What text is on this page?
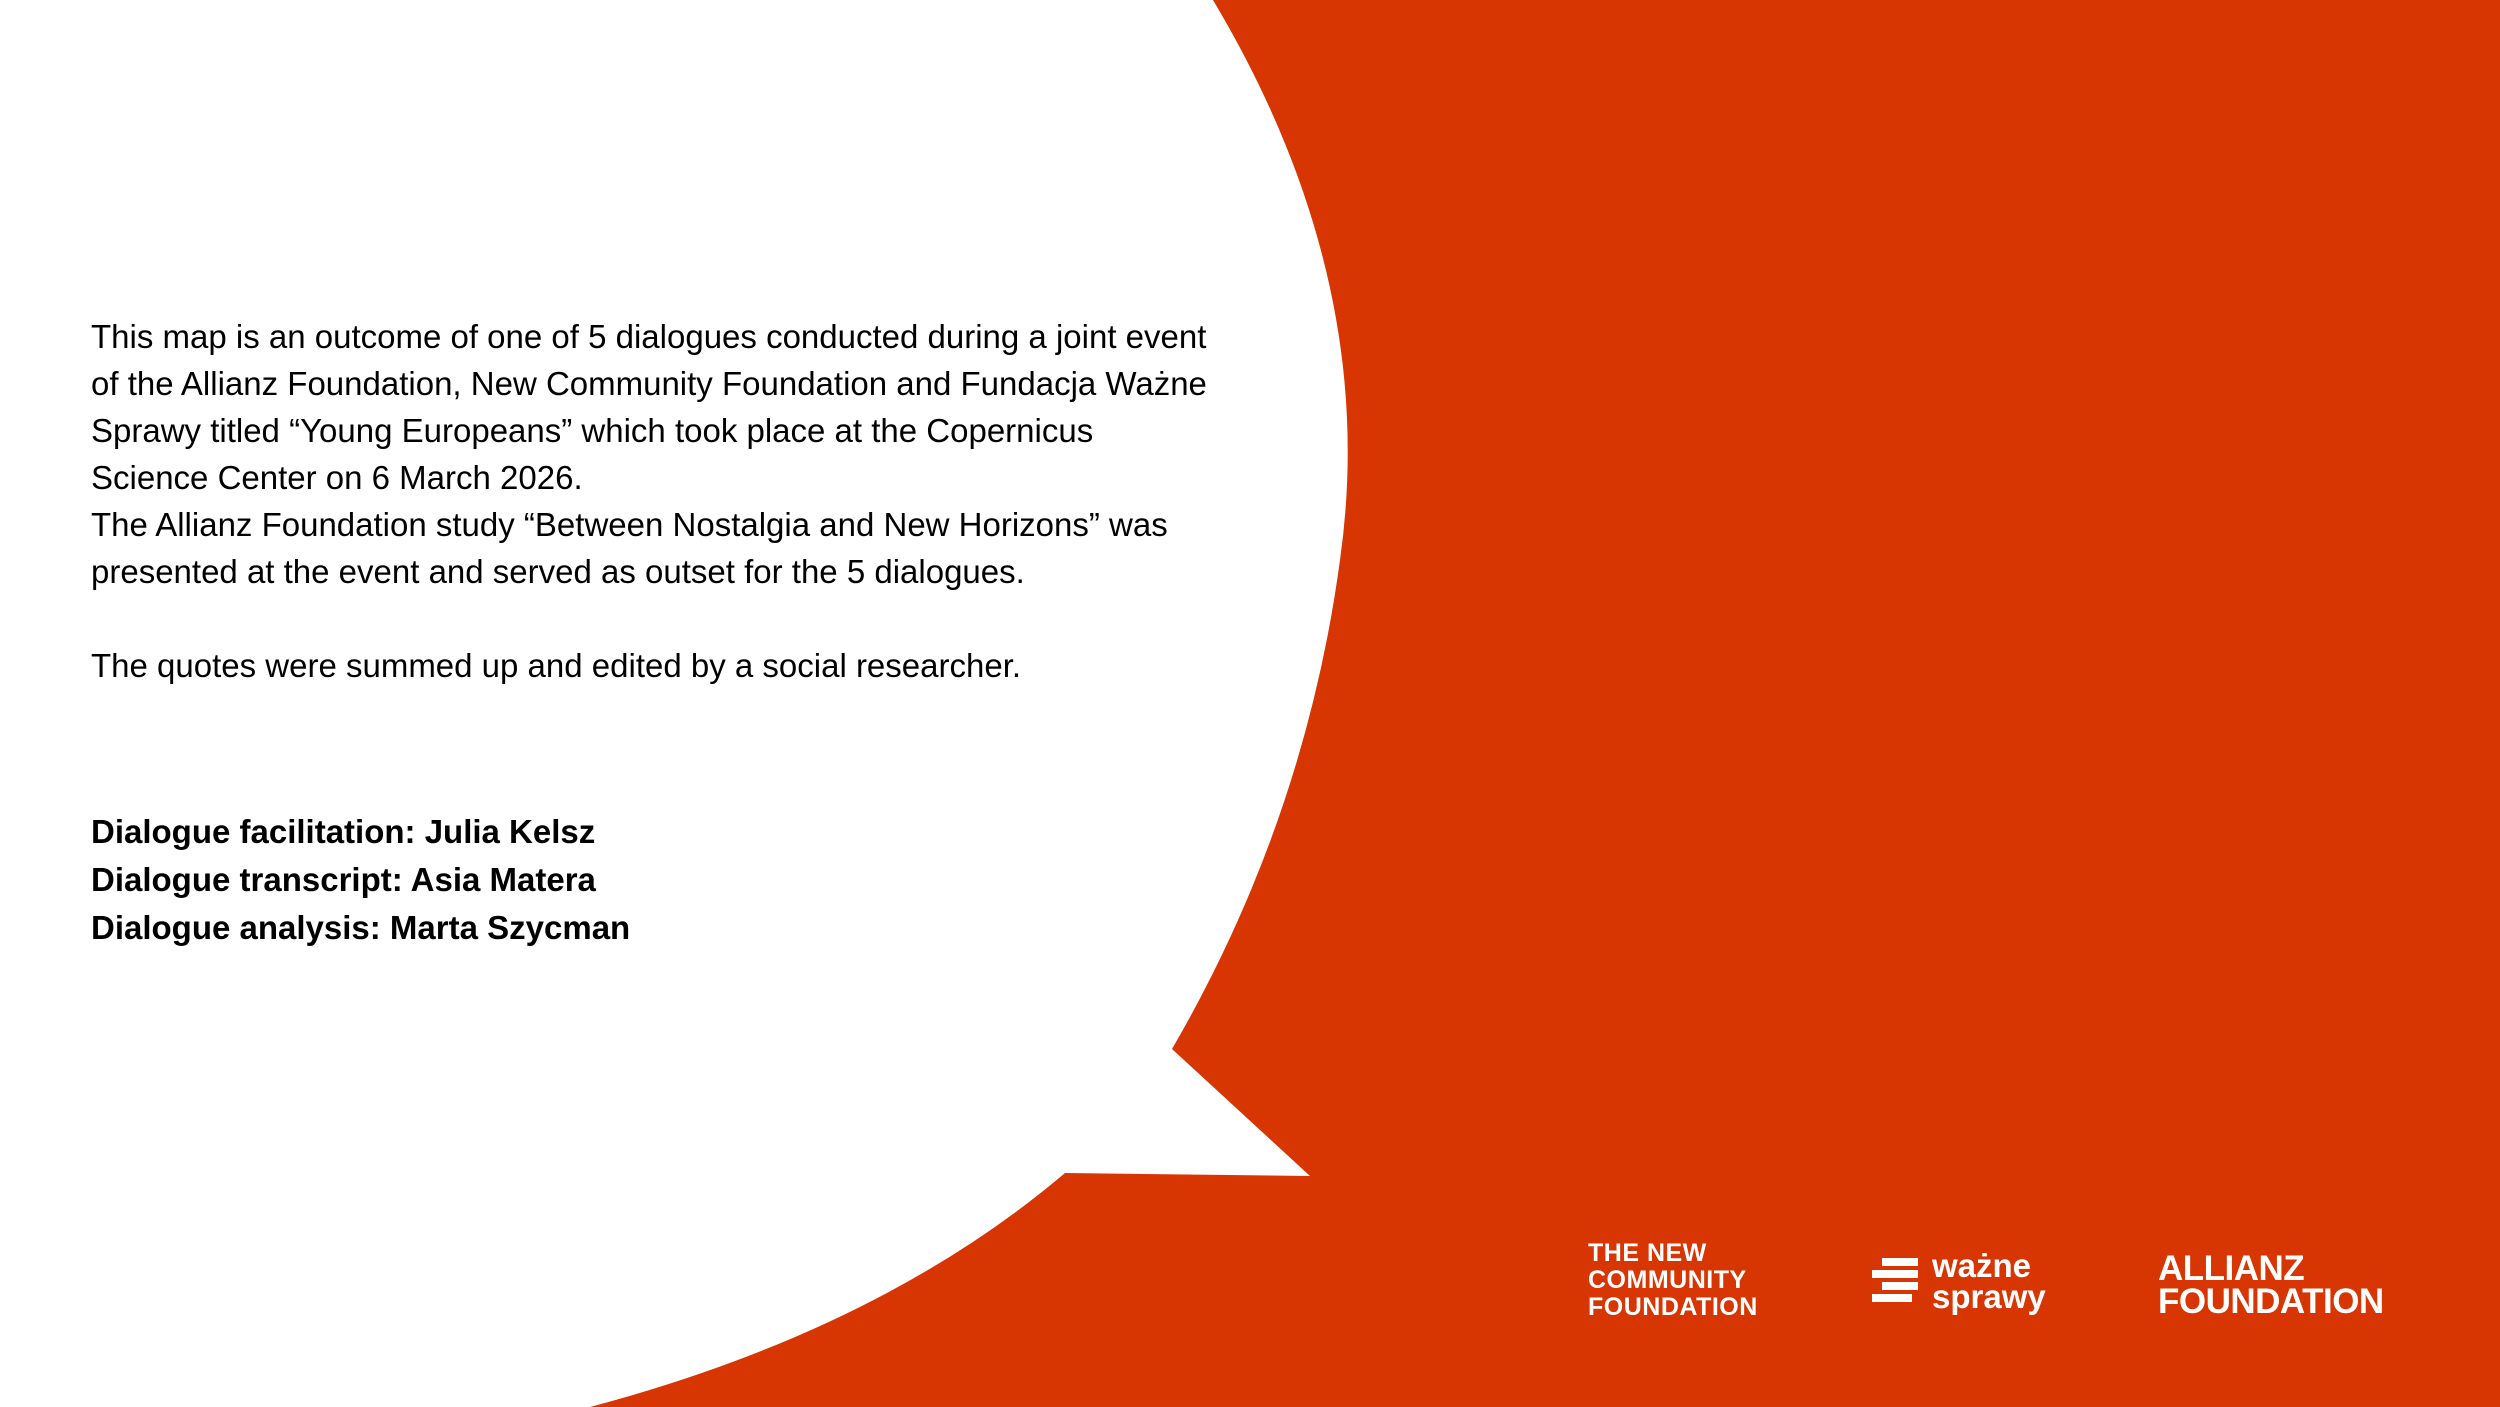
This map is an outcome of one of 5 dialogues conducted during a joint event of the Allianz Foundation, New Community Foundation and Fundacja Ważne Sprawy titled “Young Europeans” which took place at the Copernicus Science Center on 6 March 2026.

The Allianz Foundation study “Between Nostalgia and New Horizons” was presented at the event and served as outset for the 5 dialogues.

The quotes were summed up and edited by a social researcher.

Dialogue facilitation: Julia Kelsz
Dialogue transcript: Asia Matera
Dialogue analysis: Marta Szycman
THE NEW
COMMUNITY
FOUNDATION
ważne
sprawy
ALLIANZ
FOUNDATION
